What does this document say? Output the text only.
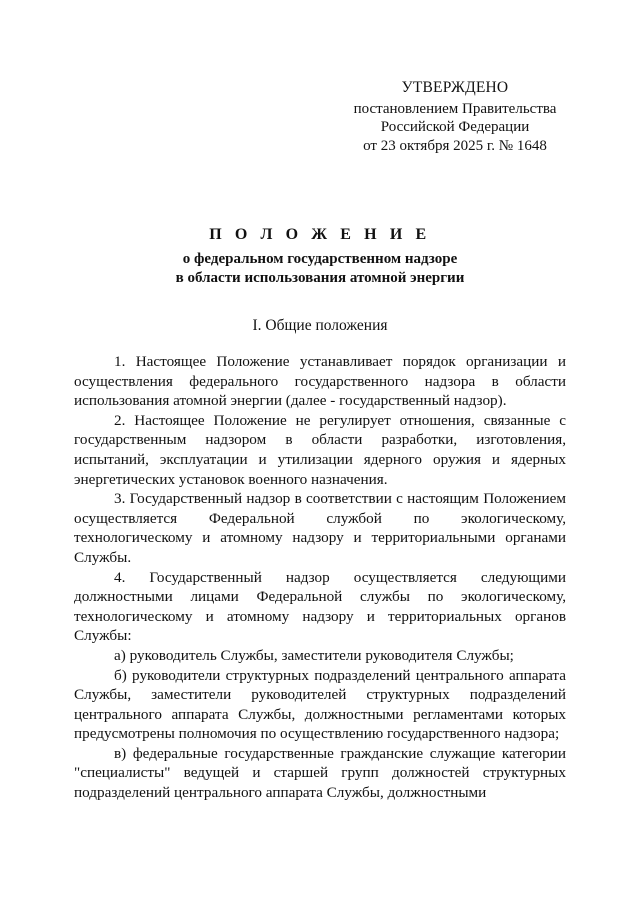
УТВЕРЖДЕНО
постановлением Правительства
Российской Федерации
от 23 октября 2025 г. № 1648
П О Л О Ж Е Н И Е
о федеральном государственном надзоре
в области использования атомной энергии
I. Общие положения

1. Настоящее Положение устанавливает порядок организации и осуществления федерального государственного надзора в области использования атомной энергии (далее - государственный надзор).

2. Настоящее Положение не регулирует отношения, связанные с государственным надзором в области разработки, изготовления, испытаний, эксплуатации и утилизации ядерного оружия и ядерных энергетических установок военного назначения.

3. Государственный надзор в соответствии с настоящим Положением осуществляется Федеральной службой по экологическому, технологическому и атомному надзору и территориальными органами Службы.

4. Государственный надзор осуществляется следующими должностными лицами Федеральной службы по экологическому, технологическому и атомному надзору и территориальных органов Службы:

а) руководитель Службы, заместители руководителя Службы;

б) руководители структурных подразделений центрального аппарата Службы, заместители руководителей структурных подразделений центрального аппарата Службы, должностными регламентами которых предусмотрены полномочия по осуществлению государственного надзора;

в) федеральные государственные гражданские служащие категории "специалисты" ведущей и старшей групп должностей структурных подразделений центрального аппарата Службы, должностными
